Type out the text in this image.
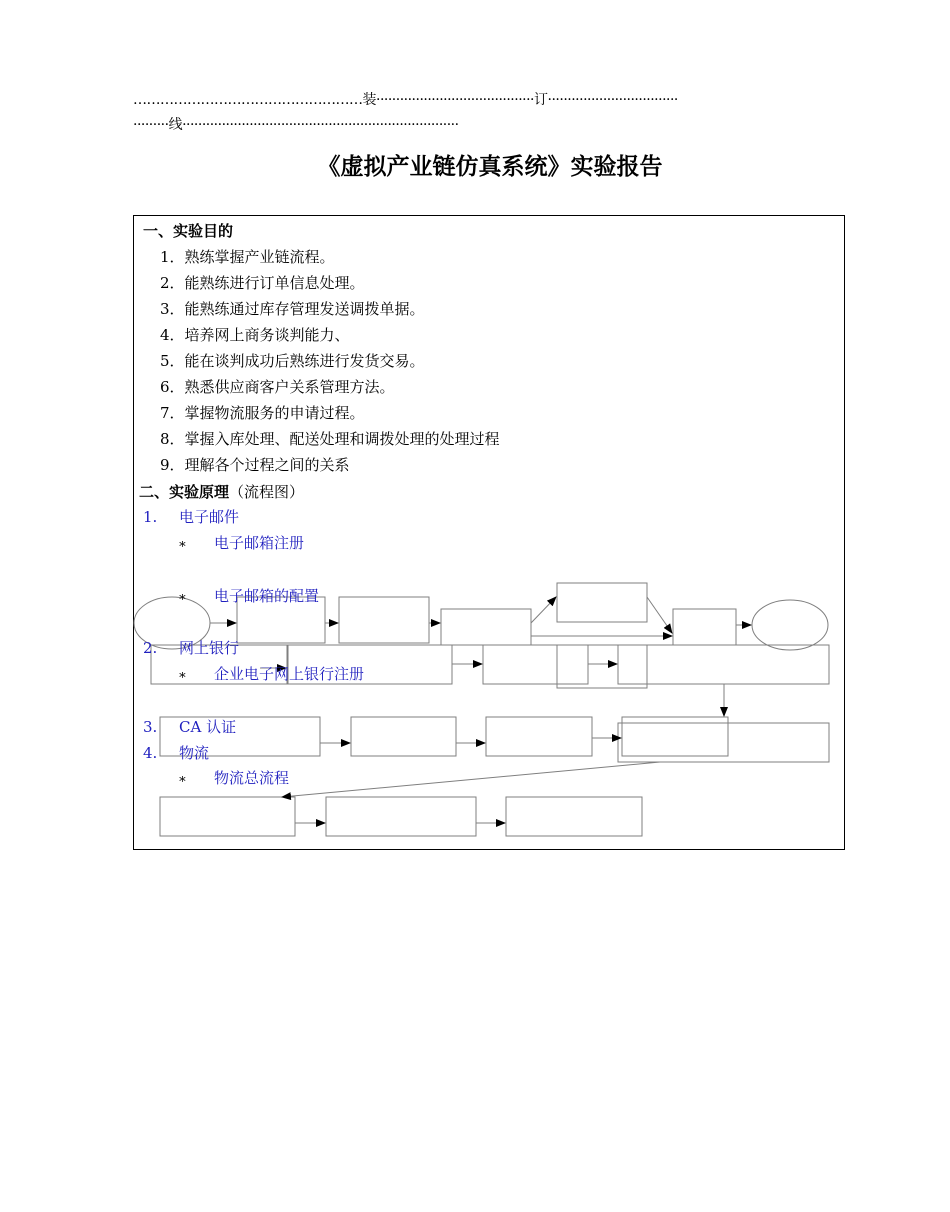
……………………………………………装········································订·································
·········线······································································
《虚拟产业链仿真系统》实验报告
一、实验目的
1．熟练掌握产业链流程。
2．能熟练进行订单信息处理。
3．能熟练通过库存管理发送调拨单据。
4．培养网上商务谈判能力、
5．能在谈判成功后熟练进行发货交易。
6．熟悉供应商客户关系管理方法。
7．掌握物流服务的申请过程。
8．掌握入库处理、配送处理和调拨处理的处理过程
9．理解各个过程之间的关系
二、实验原理（流程图）
1. 电子邮件
∗ 电子邮箱注册
∗ 电子邮箱的配置
2. 网上银行
∗ 企业电子网上银行注册
3. CA 认证
4. 物流
∗ 物流总流程
